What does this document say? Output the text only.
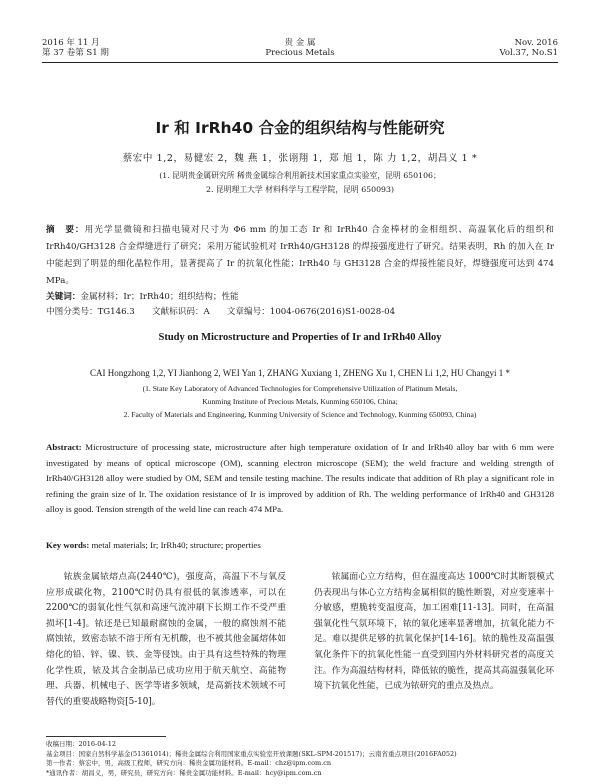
2016 年 11 月
第 37 卷第 S1 期
贵 金 属
Precious Metals
Nov. 2016
Vol.37, No.S1
Ir 和 IrRh40 合金的组织结构与性能研究
蔡宏中 1,2，易健宏 2，魏 燕 1，张诩翔 1，郑 旭 1，陈 力 1,2，胡昌义 1 *
(1. 昆明贵金属研究所 稀贵金属综合利用新技术国家重点实验室，昆明 650106；
2. 昆明理工大学 材料科学与工程学院，昆明 650093)
摘　要：用光学显微镜和扫描电镜对尺寸为 Φ6 mm 的加工态 Ir 和 IrRh40 合金棒材的金相组织、高温氧化后的组织和 IrRh40/GH3128 合金焊缝进行了研究；采用万能试验机对 IrRh40/GH3128 的焊接强度进行了研究。结果表明，Rh 的加入在 Ir 中能起到了明显的细化晶粒作用，显著提高了 Ir 的抗氧化性能；IrRh40 与 GH3128 合金的焊接性能良好，焊缝强度可达到 474 MPa。
关键词：金属材料；Ir；IrRh40；组织结构；性能
中图分类号：TG146.3　　文献标识码：A　　文章编号：1004-0676(2016)S1-0028-04
Study on Microstructure and Properties of Ir and IrRh40 Alloy
CAI Hongzhong 1,2, YI Jianhong 2, WEI Yan 1, ZHANG Xuxiang 1, ZHENG Xu 1, CHEN Li 1,2, HU Changyi 1 *
(1. State Key Laboratory of Advanced Technologies for Comprehensive Utilization of Platinum Metals,
Kunming Institute of Precious Metals, Kunming 650106, China;
2. Faculty of Materials and Engineering, Kunming University of Science and Technology, Kunming 650093, China)
Abstract: Microstructure of processing state, microstructure after high temperature oxidation of Ir and IrRh40 alloy bar with 6 mm were investigated by means of optical microscope (OM), scanning electron microscope (SEM); the weld fracture and welding strength of IrRh40/GH3128 alloy were studied by OM, SEM and tensile testing machine. The results indicate that addition of Rh play a significant role in refining the grain size of Ir. The oxidation resistance of Ir is improved by addition of Rh. The welding performance of IrRh40 and GH3128 alloy is good. Tension strength of the weld line can reach 474 MPa.
Key words: metal materials; Ir; IrRh40; structure; properties
铱族金属铱熔点高(2440℃)，强度高，高温下不与氧反应形成碳化物，2100℃时仍具有很低的氧渗透率，可以在 2200℃的弱氧化性气氛和高速气流冲刷下长期工作不受严重损坏[1-4]。铱还是已知最耐腐蚀的金属，一般的腐蚀剂不能腐蚀铱，致密态铱不溶于所有无机酸，也不被其他金属熔体如熔化的铅、锌、镍、铁、金等侵蚀。由于具有这些特殊的物理化学性质，铱及其合金制品已成功应用于航天航空、高能物理、兵器、机械电子、医学等诸多领域，是高新技术领域不可替代的重要战略物资[5-10]。
铱属面心立方结构，但在温度高达 1000℃时其断裂模式仍表现出与体心立方结构金属相似的脆性断裂，对应变速率十分敏感，塑脆转变温度高，加工困难[11-13]。同时，在高温强氧化性气氛环境下，铱的氧化速率显著增加，抗氧化能力不足。难以提供足够的抗氧化保护[14-16]。铱的脆性及高温强氧化条件下的抗氧化性能一直受到国内外材料研究者的高度关注。作为高温结构材料，降低铱的脆性，提高其高温强氧化环境下抗氧化性能，已成为铱研究的重点及热点。
收稿日期：2016-04-12
基金项目：国家自然科学基金(51361014)；稀贵金属综合利用国家重点实验室开放课题(SKL-SPM-201517)；云南省重点项目(2016FA052)
第一作者：蔡宏中，男，高级工程师，研究方向：稀贵金属功能材料。E-mail：chz@ipm.com.cn
*通讯作者：胡昌义，男，研究员，研究方向：稀贵金属功能材料。E-mail：hcy@ipm.com.cn
